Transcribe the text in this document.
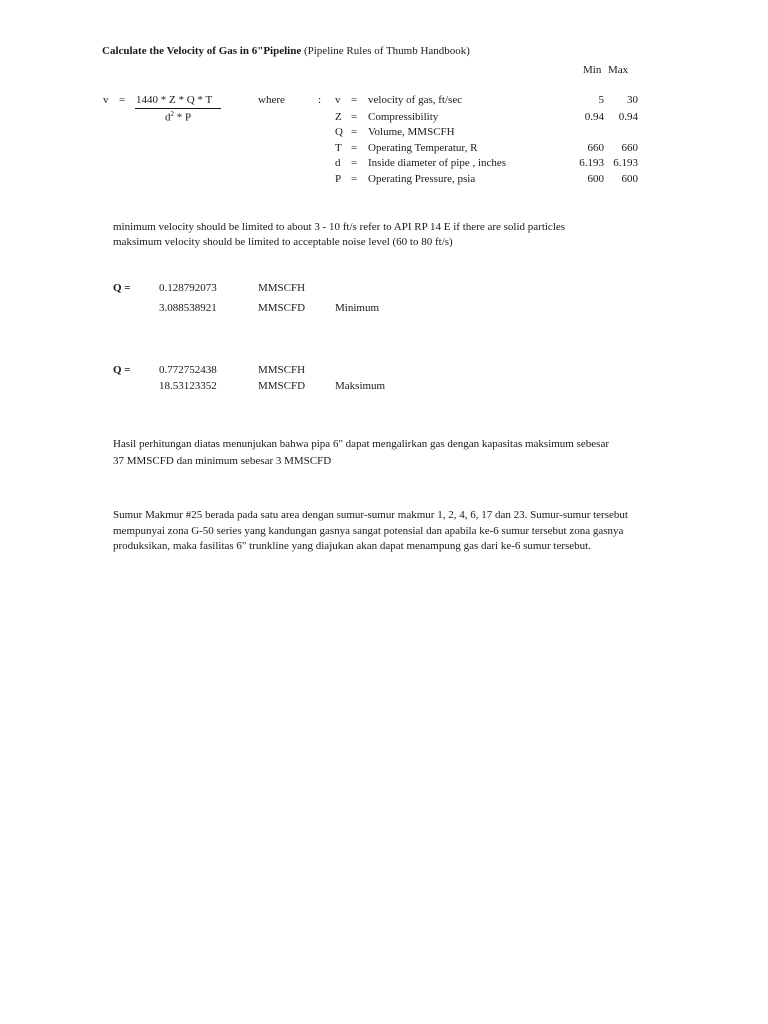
Calculate the Velocity of Gas in 6"Pipeline (Pipeline Rules of Thumb Handbook)
Min Max
v = 1440 * Z * Q * T
$d^2$ * P
where	: v = velocity of gas, ft/sec	5	30
Z = Compressibility	0.94	0.94
Q = Volume, MMSCFH
T = Operating Temperatur, R	660	660
d = Inside diameter of pipe , inches	6.193 6.193
P = Operating Pressure, psia	600	600
minimum velocity should be limited to about 3 - 10 ft/s refer to API RP 14 E if there are solid particles
maksimum velocity should be limited to acceptable noise level (60 to 80 ft/s)
Q =	0.128792073	MMSCFH
3.088538921	MMSCFD	Minimum
Q =	0.772752438	MMSCFH
18.53123352	MMSCFD	Maksimum
Hasil perhitungan diatas menunjukan bahwa pipa 6" dapat mengalirkan gas dengan kapasitas maksimum sebesar
37 MMSCFD dan minimum sebesar 3 MMSCFD
Sumur Makmur #25 berada pada satu area dengan sumur-sumur makmur 1, 2, 4, 6, 17 dan 23. Sumur-sumur tersebut
mempunyai zona G-50 series yang kandungan gasnya sangat potensial dan apabila ke-6 sumur tersebut zona gasnya
produksikan, maka fasilitas 6" trunkline yang diajukan akan dapat menampung gas dari ke-6 sumur tersebut.
